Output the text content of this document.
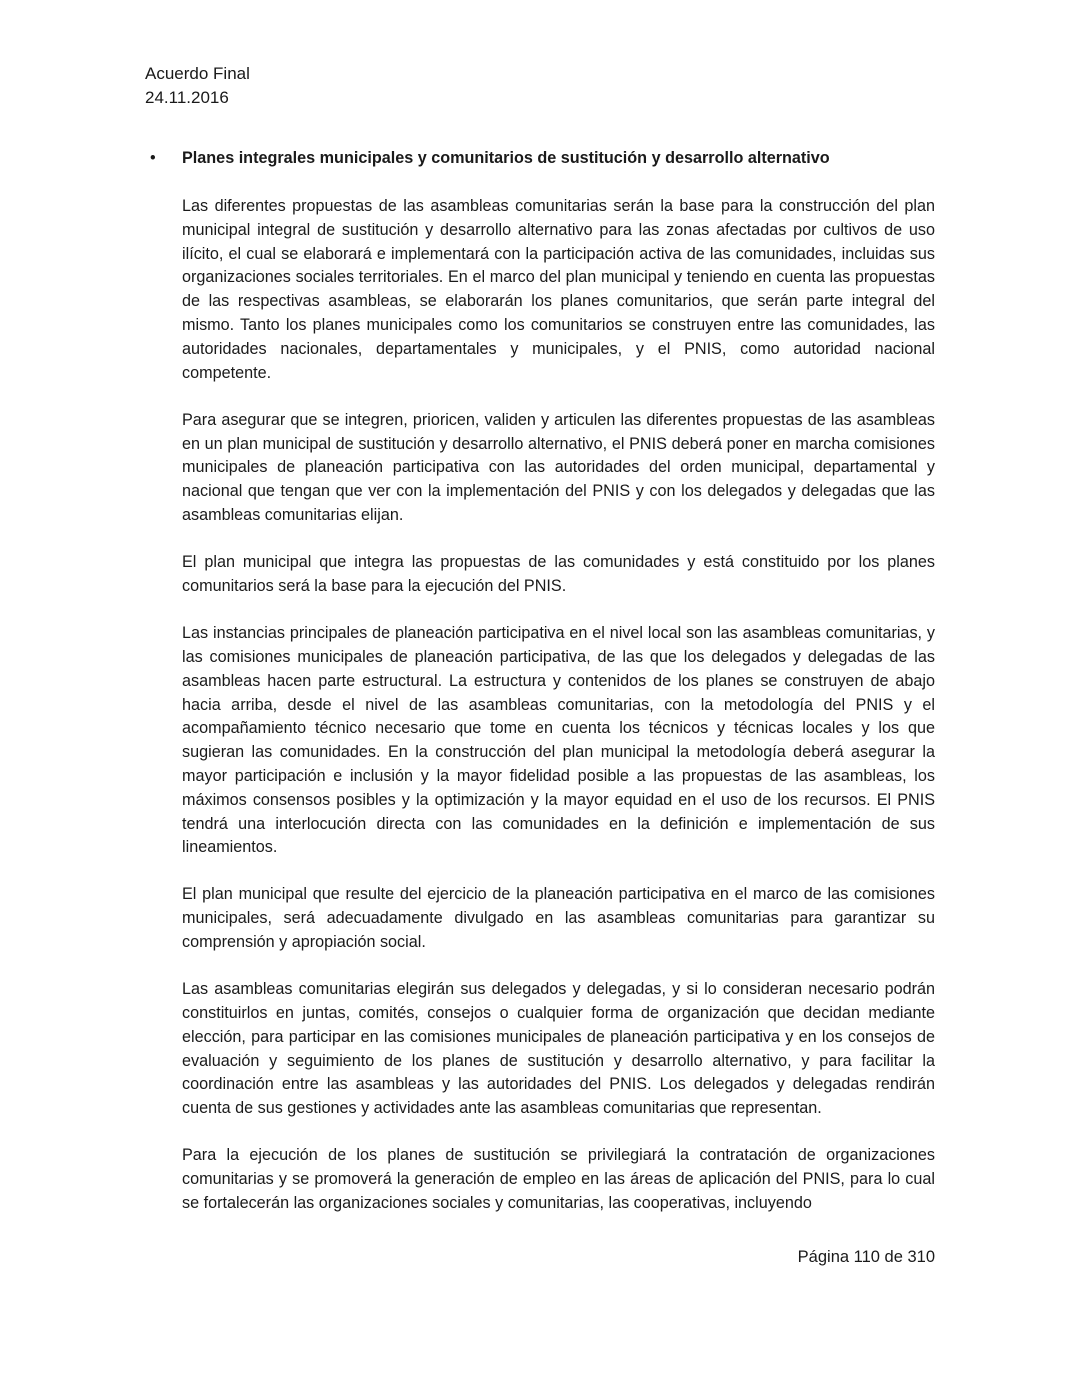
Acuerdo Final
24.11.2016
• Planes integrales municipales y comunitarios de sustitución y desarrollo alternativo

Las diferentes propuestas de las asambleas comunitarias serán la base para la construcción del plan municipal integral de sustitución y desarrollo alternativo para las zonas afectadas por cultivos de uso ilícito, el cual se elaborará e implementará con la participación activa de las comunidades, incluidas sus organizaciones sociales territoriales. En el marco del plan municipal y teniendo en cuenta las propuestas de las respectivas asambleas, se elaborarán los planes comunitarios, que serán parte integral del mismo. Tanto los planes municipales como los comunitarios se construyen entre las comunidades, las autoridades nacionales, departamentales y municipales, y el PNIS, como autoridad nacional competente.

Para asegurar que se integren, prioricen, validen y articulen las diferentes propuestas de las asambleas en un plan municipal de sustitución y desarrollo alternativo, el PNIS deberá poner en marcha comisiones municipales de planeación participativa con las autoridades del orden municipal, departamental y nacional que tengan que ver con la implementación del PNIS y con los delegados y delegadas que las asambleas comunitarias elijan.

El plan municipal que integra las propuestas de las comunidades y está constituido por los planes comunitarios será la base para la ejecución del PNIS.

Las instancias principales de planeación participativa en el nivel local son las asambleas comunitarias, y las comisiones municipales de planeación participativa, de las que los delegados y delegadas de las asambleas hacen parte estructural. La estructura y contenidos de los planes se construyen de abajo hacia arriba, desde el nivel de las asambleas comunitarias, con la metodología del PNIS y el acompañamiento técnico necesario que tome en cuenta los técnicos y técnicas locales y los que sugieran las comunidades. En la construcción del plan municipal la metodología deberá asegurar la mayor participación e inclusión y la mayor fidelidad posible a las propuestas de las asambleas, los máximos consensos posibles y la optimización y la mayor equidad en el uso de los recursos. El PNIS tendrá una interlocución directa con las comunidades en la definición e implementación de sus lineamientos.

El plan municipal que resulte del ejercicio de la planeación participativa en el marco de las comisiones municipales, será adecuadamente divulgado en las asambleas comunitarias para garantizar su comprensión y apropiación social.

Las asambleas comunitarias elegirán sus delegados y delegadas, y si lo consideran necesario podrán constituirlos en juntas, comités, consejos o cualquier forma de organización que decidan mediante elección, para participar en las comisiones municipales de planeación participativa y en los consejos de evaluación y seguimiento de los planes de sustitución y desarrollo alternativo, y para facilitar la coordinación entre las asambleas y las autoridades del PNIS. Los delegados y delegadas rendirán cuenta de sus gestiones y actividades ante las asambleas comunitarias que representan.

Para la ejecución de los planes de sustitución se privilegiará la contratación de organizaciones comunitarias y se promoverá la generación de empleo en las áreas de aplicación del PNIS, para lo cual se fortalecerán las organizaciones sociales y comunitarias, las cooperativas, incluyendo

Página 110 de 310
